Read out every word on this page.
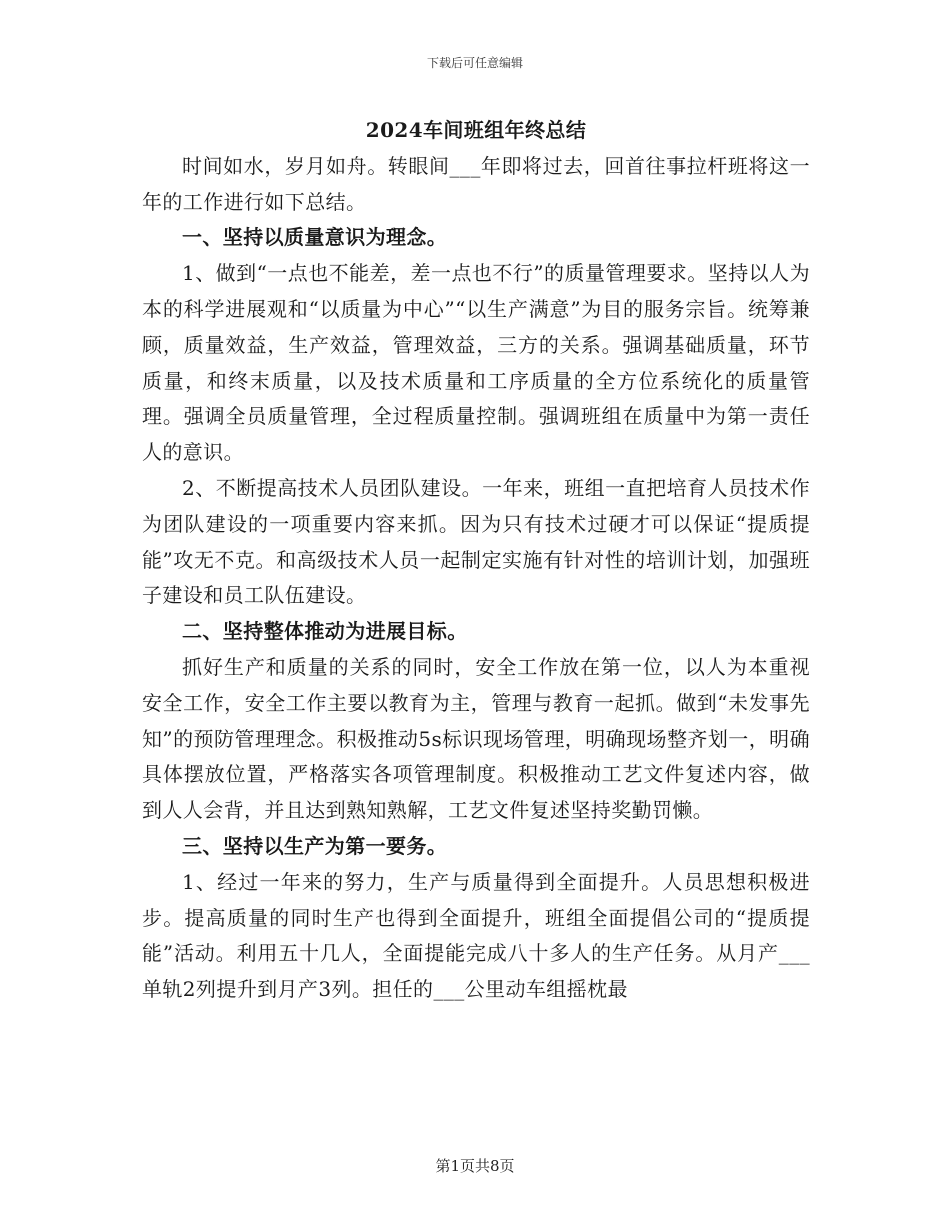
下载后可任意编辑

2024车间班组年终总结

时间如水，岁月如舟。转眼间___年即将过去，回首往事拉杆班将这一年的工作进行如下总结。

一、坚持以质量意识为理念。

1、做到“一点也不能差，差一点也不行”的质量管理要求。坚持以人为本的科学进展观和“以质量为中心”“以生产满意”为目的服务宗旨。统筹兼顾，质量效益，生产效益，管理效益，三方的关系。强调基础质量，环节质量，和终末质量，以及技术质量和工序质量的全方位系统化的质量管理。强调全员质量管理，全过程质量控制。强调班组在质量中为第一责任人的意识。

2、不断提高技术人员团队建设。一年来，班组一直把培育人员技术作为团队建设的一项重要内容来抓。因为只有技术过硬才可以保证“提质提能”攻无不克。和高级技术人员一起制定实施有针对性的培训计划，加强班子建设和员工队伍建设。

二、坚持整体推动为进展目标。

抓好生产和质量的关系的同时，安全工作放在第一位，以人为本重视安全工作，安全工作主要以教育为主，管理与教育一起抓。做到“未发事先知”的预防管理理念。积极推动5s标识现场管理，明确现场整齐划一，明确具体摆放位置，严格落实各项管理制度。积极推动工艺文件复述内容，做到人人会背，并且达到熟知熟解，工艺文件复述坚持奖勤罚懒。

三、坚持以生产为第一要务。

1、经过一年来的努力，生产与质量得到全面提升。人员思想积极进步。提高质量的同时生产也得到全面提升，班组全面提倡公司的“提质提能”活动。利用五十几人，全面提能完成八十多人的生产任务。从月产___单轨2列提升到月产3列。担任的___公里动车组摇枕最

第1页共8页
